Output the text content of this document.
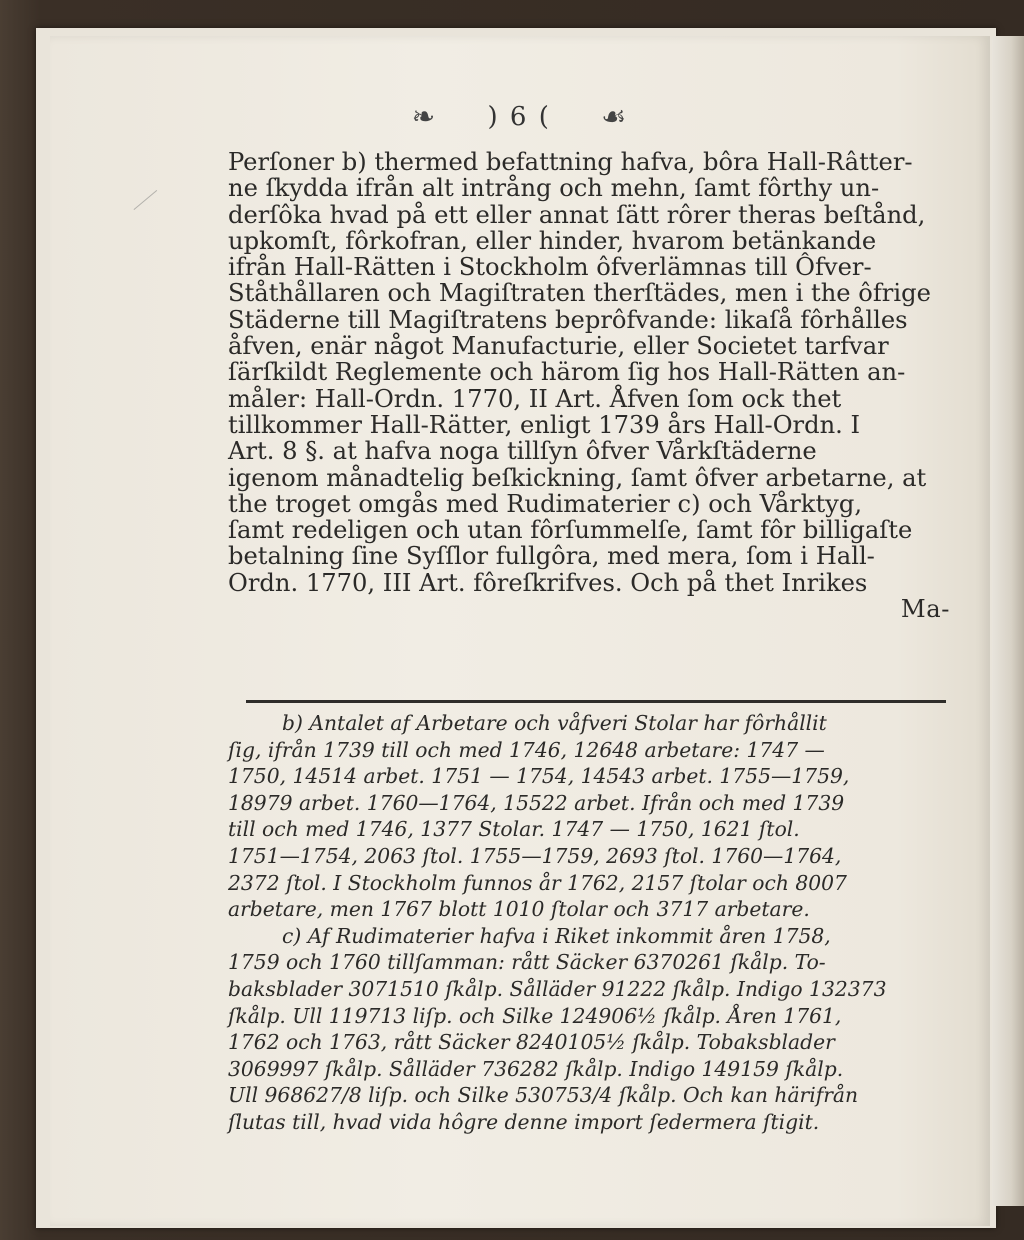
❧ ) 6 ( ☙
Perſoner b) thermed befattning hafva, bôra Hall-Râtter-
ne ſkydda ifrån alt intrång och mehn, ſamt fôrthy un-
derſôka hvad på ett eller annat ſätt rôrer theras beſtånd,
upkomſt, fôrkofran, eller hinder, hvarom betänkande
ifrån Hall-Rätten i Stockholm ôfverlämnas till Ôfver-
Ståthållaren och Magiſtraten therſtädes, men i the ôfrige
Städerne till Magiſtratens beprôfvande: likaſå fôrhålles
åfven, enär något Manufacturie, eller Societet tarfvar
ſärſkildt Reglemente och härom ſig hos Hall-Rätten an-
måler: Hall-Ordn. 1770, II Art. Åfven ſom ock thet
tillkommer Hall-Rätter, enligt 1739 års Hall-Ordn. I
Art. 8 §. at hafva noga tillſyn ôfver Vårkſtäderne
igenom månadtelig beſkickning, ſamt ôfver arbetarne, at
the troget omgås med Rudimaterier c) och Vårktyg,
ſamt redeligen och utan fôrſummelſe, ſamt fôr billigaſte
betalning ſine Syſſlor fullgôra, med mera, ſom i Hall-
Ordn. 1770, III Art. fôreſkrifves. Och på thet Inrikes
Ma-
b) Antalet af Arbetare och våfveri Stolar har fôrhållit
ſig, ifrån 1739 till och med 1746, 12648 arbetare: 1747 —
1750, 14514 arbet. 1751 — 1754, 14543 arbet. 1755—1759,
18979 arbet. 1760—1764, 15522 arbet. Ifrån och med 1739
till och med 1746, 1377 Stolar. 1747 — 1750, 1621 ſtol.
1751—1754, 2063 ſtol. 1755—1759, 2693 ſtol. 1760—1764,
2372 ſtol. I Stockholm funnos år 1762, 2157 ſtolar och 8007
arbetare, men 1767 blott 1010 ſtolar och 3717 arbetare.
c) Af Rudimaterier hafva i Riket inkommit åren 1758,
1759 och 1760 tillſamman: rått Säcker 6370261 ſkålp. To-
baksblader 3071510 ſkålp. Sålläder 91222 ſkålp. Indigo 132373
ſkålp. Ull 119713 liſp. och Silke 124906½ ſkålp. Åren 1761,
1762 och 1763, rått Säcker 8240105½ ſkålp. Tobaksblader
3069997 ſkålp. Sålläder 736282 ſkålp. Indigo 149159 ſkålp.
Ull 968627/8 liſp. och Silke 530753/4 ſkålp. Och kan härifrån
ſlutas till, hvad vida hôgre denne import ſedermera ſtigit.
